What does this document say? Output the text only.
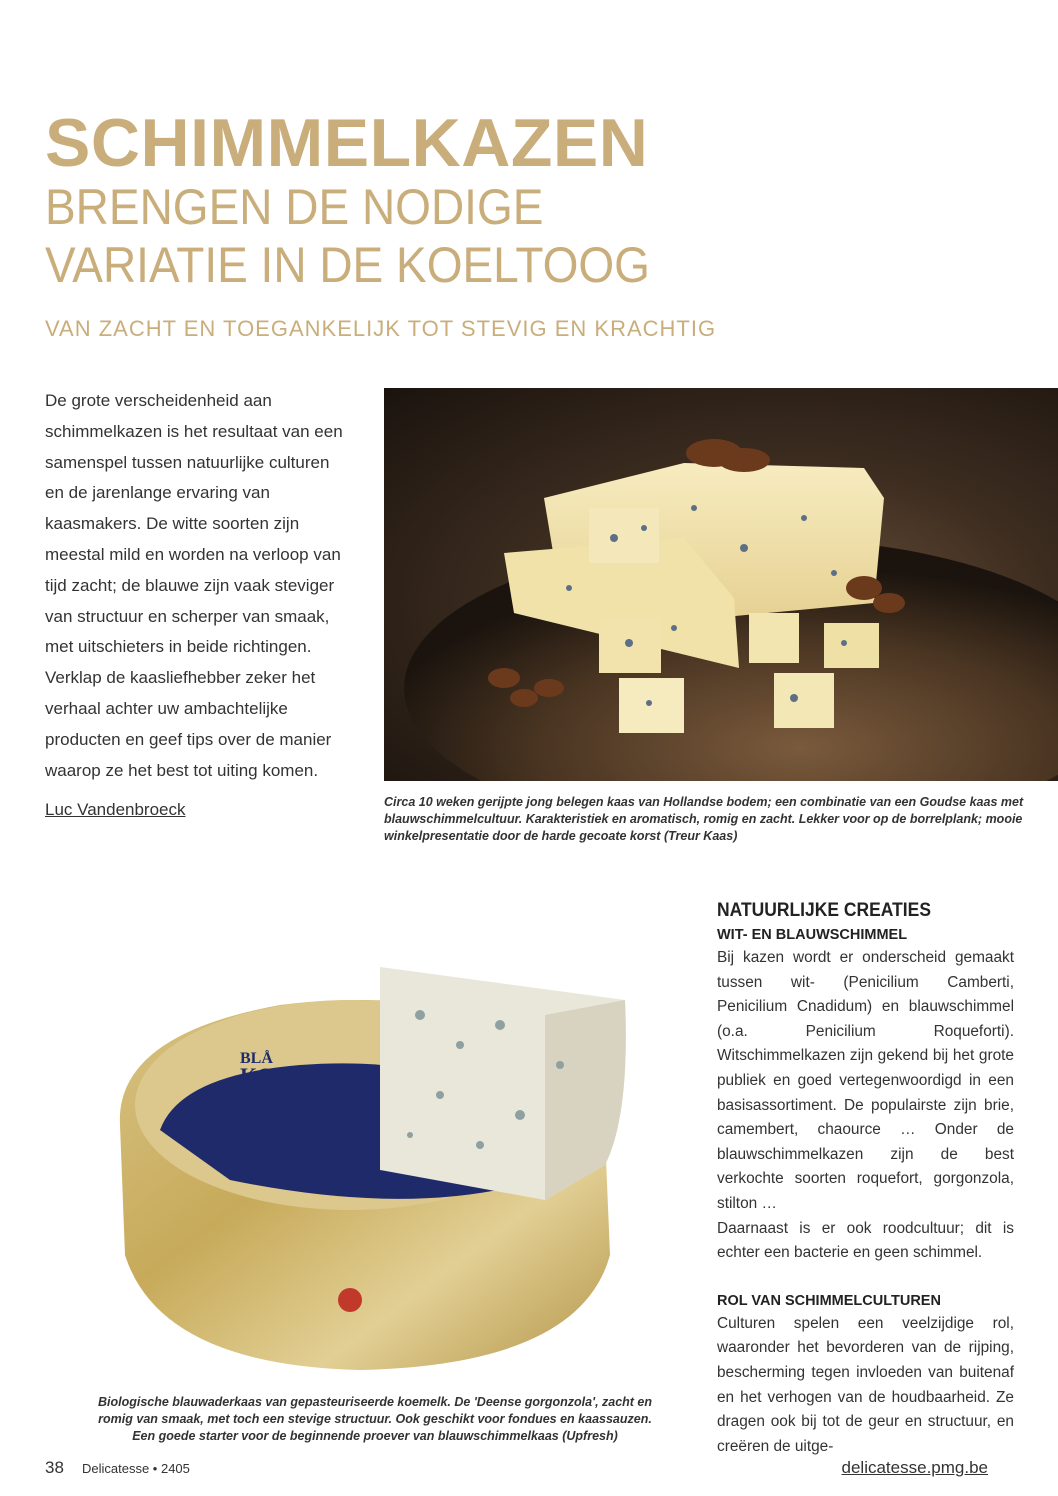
SCHIMMELKAZEN
BRENGEN DE NODIGE
VARIATIE IN DE KOELTOOG
VAN ZACHT EN TOEGANKELIJK TOT STEVIG EN KRACHTIG

De grote verscheidenheid aan schimmelkazen is het resultaat van een samenspel tussen natuurlijke culturen en de jarenlange ervaring van kaasmakers. De witte soorten zijn meestal mild en worden na verloop van tijd zacht; de blauwe zijn vaak steviger van structuur en scherper van smaak, met uitschieters in beide richtingen. Verklap de kaasliefhebber zeker het verhaal achter uw ambachtelijke producten en geef tips over de manier waarop ze het best tot uiting komen.

Luc Vandenbroeck	Circa 10 weken gerijpte jong belegen kaas van Hollandse bodem; een combinatie van een Goudse kaas met blauwschimmelcultuur. Karakteristiek en aromatisch, romig en zacht. Lekker voor op de borrelplank; mooie winkelpresentatie door de harde gecoate korst (Treur Kaas)

BLÅ
KORNBLU
BLAUE KORNBLUME
WEICHKÄSE MINDESTENS

Biologische blauwaderkaas van gepasteuriseerde koemelk. De 'Deense gorgonzola', zacht en romig van smaak, met toch een stevige structuur. Ook geschikt voor fondues en kaassauzen. Een goede starter voor de beginnende proever van blauwschimmelkaas (Upfresh)

NATUURLIJKE CREATIES
WIT- EN BLAUWSCHIMMEL

Bij kazen wordt er onderscheid gemaakt tussen wit- (Penicilium Camberti, Penicilium Cnadidum) en blauwschimmel (o.a. Penicilium Roqueforti). Witschimmelkazen zijn gekend bij het grote publiek en goed vertegenwoordigd in een basisassortiment. De populairste zijn brie, camembert, chaource … Onder de blauwschimmelkazen zijn de best verkochte soorten roquefort, gorgonzola, stilton …

Daarnaast is er ook roodcultuur; dit is echter een bacterie en geen schimmel.

ROL VAN SCHIMMELCULTUREN

Culturen spelen een veelzijdige rol, waaronder het bevorderen van de rijping, bescherming tegen invloeden van buitenaf en het verhogen van de houdbaarheid. Ze dragen ook bij tot de geur en structuur, en creëren de uitge-

38 Delicatesse • 2405	delicatesse.pmg.be
